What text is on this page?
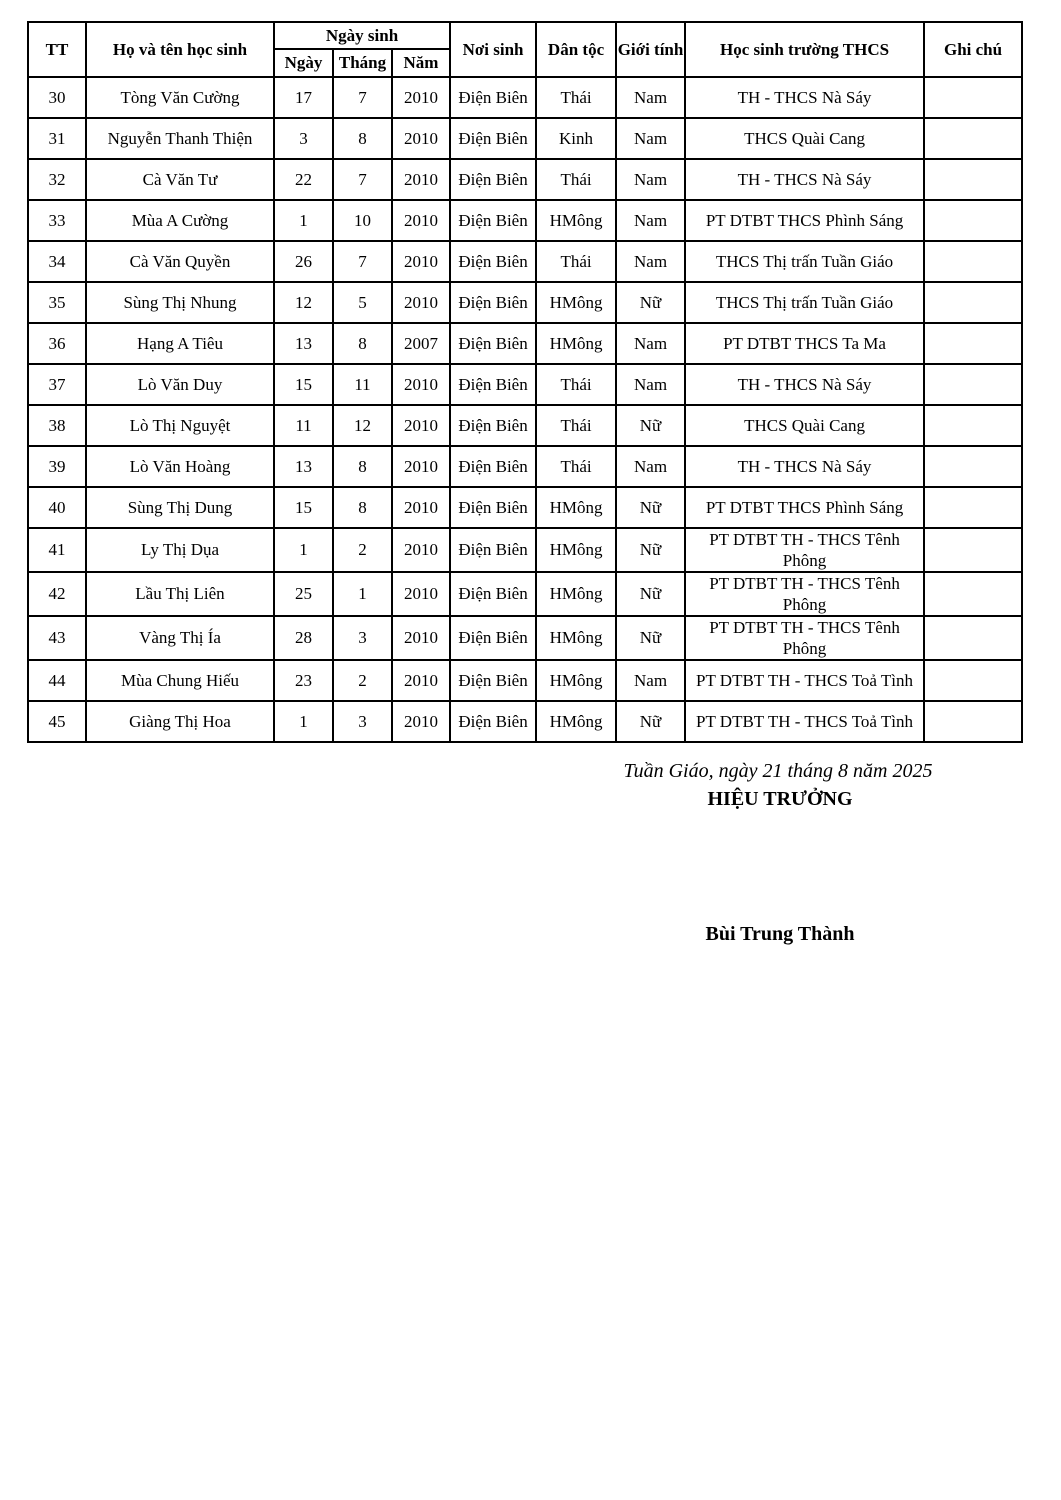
TT	Họ và tên học sinh	Ngày sinh			Nơi sinh	Dân tộc	Giới tính	Học sinh trường THCS	Ghi chú
		Ngày	Tháng	Năm					
30	Tòng Văn Cường	17	7	2010	Điện Biên	Thái	Nam	TH - THCS Nà Sáy	
31	Nguyễn Thanh Thiện	3	8	2010	Điện Biên	Kinh	Nam	THCS Quài Cang	
32	Cà Văn Tư	22	7	2010	Điện Biên	Thái	Nam	TH - THCS Nà Sáy	
33	Mùa A Cường	1	10	2010	Điện Biên	HMông	Nam	PT DTBT THCS Phình Sáng	
34	Cà Văn Quyền	26	7	2010	Điện Biên	Thái	Nam	THCS Thị trấn Tuần Giáo	
35	Sùng Thị Nhung	12	5	2010	Điện Biên	HMông	Nữ	THCS Thị trấn Tuần Giáo	
36	Hạng A Tiêu	13	8	2007	Điện Biên	HMông	Nam	PT DTBT THCS Ta Ma	
37	Lò Văn Duy	15	11	2010	Điện Biên	Thái	Nam	TH - THCS Nà Sáy	
38	Lò Thị Nguyệt	11	12	2010	Điện Biên	Thái	Nữ	THCS Quài Cang	
39	Lò Văn Hoàng	13	8	2010	Điện Biên	Thái	Nam	TH - THCS Nà Sáy	
40	Sùng Thị Dung	15	8	2010	Điện Biên	HMông	Nữ	PT DTBT THCS Phình Sáng	
41	Ly Thị Dụa	1	2	2010	Điện Biên	HMông	Nữ	PT DTBT TH - THCS Tênh Phông	
42	Lầu Thị Liên	25	1	2010	Điện Biên	HMông	Nữ	PT DTBT TH - THCS Tênh Phông	
43	Vàng Thị Ía	28	3	2010	Điện Biên	HMông	Nữ	PT DTBT TH - THCS Tênh Phông	
44	Mùa Chung Hiếu	23	2	2010	Điện Biên	HMông	Nam	PT DTBT TH - THCS Toả Tình	
45	Giàng Thị Hoa	1	3	2010	Điện Biên	HMông	Nữ	PT DTBT TH - THCS Toả Tình	
Tuần Giáo, ngày 21 tháng 8 năm 2025
HIỆU TRƯỞNG
Bùi Trung Thành
